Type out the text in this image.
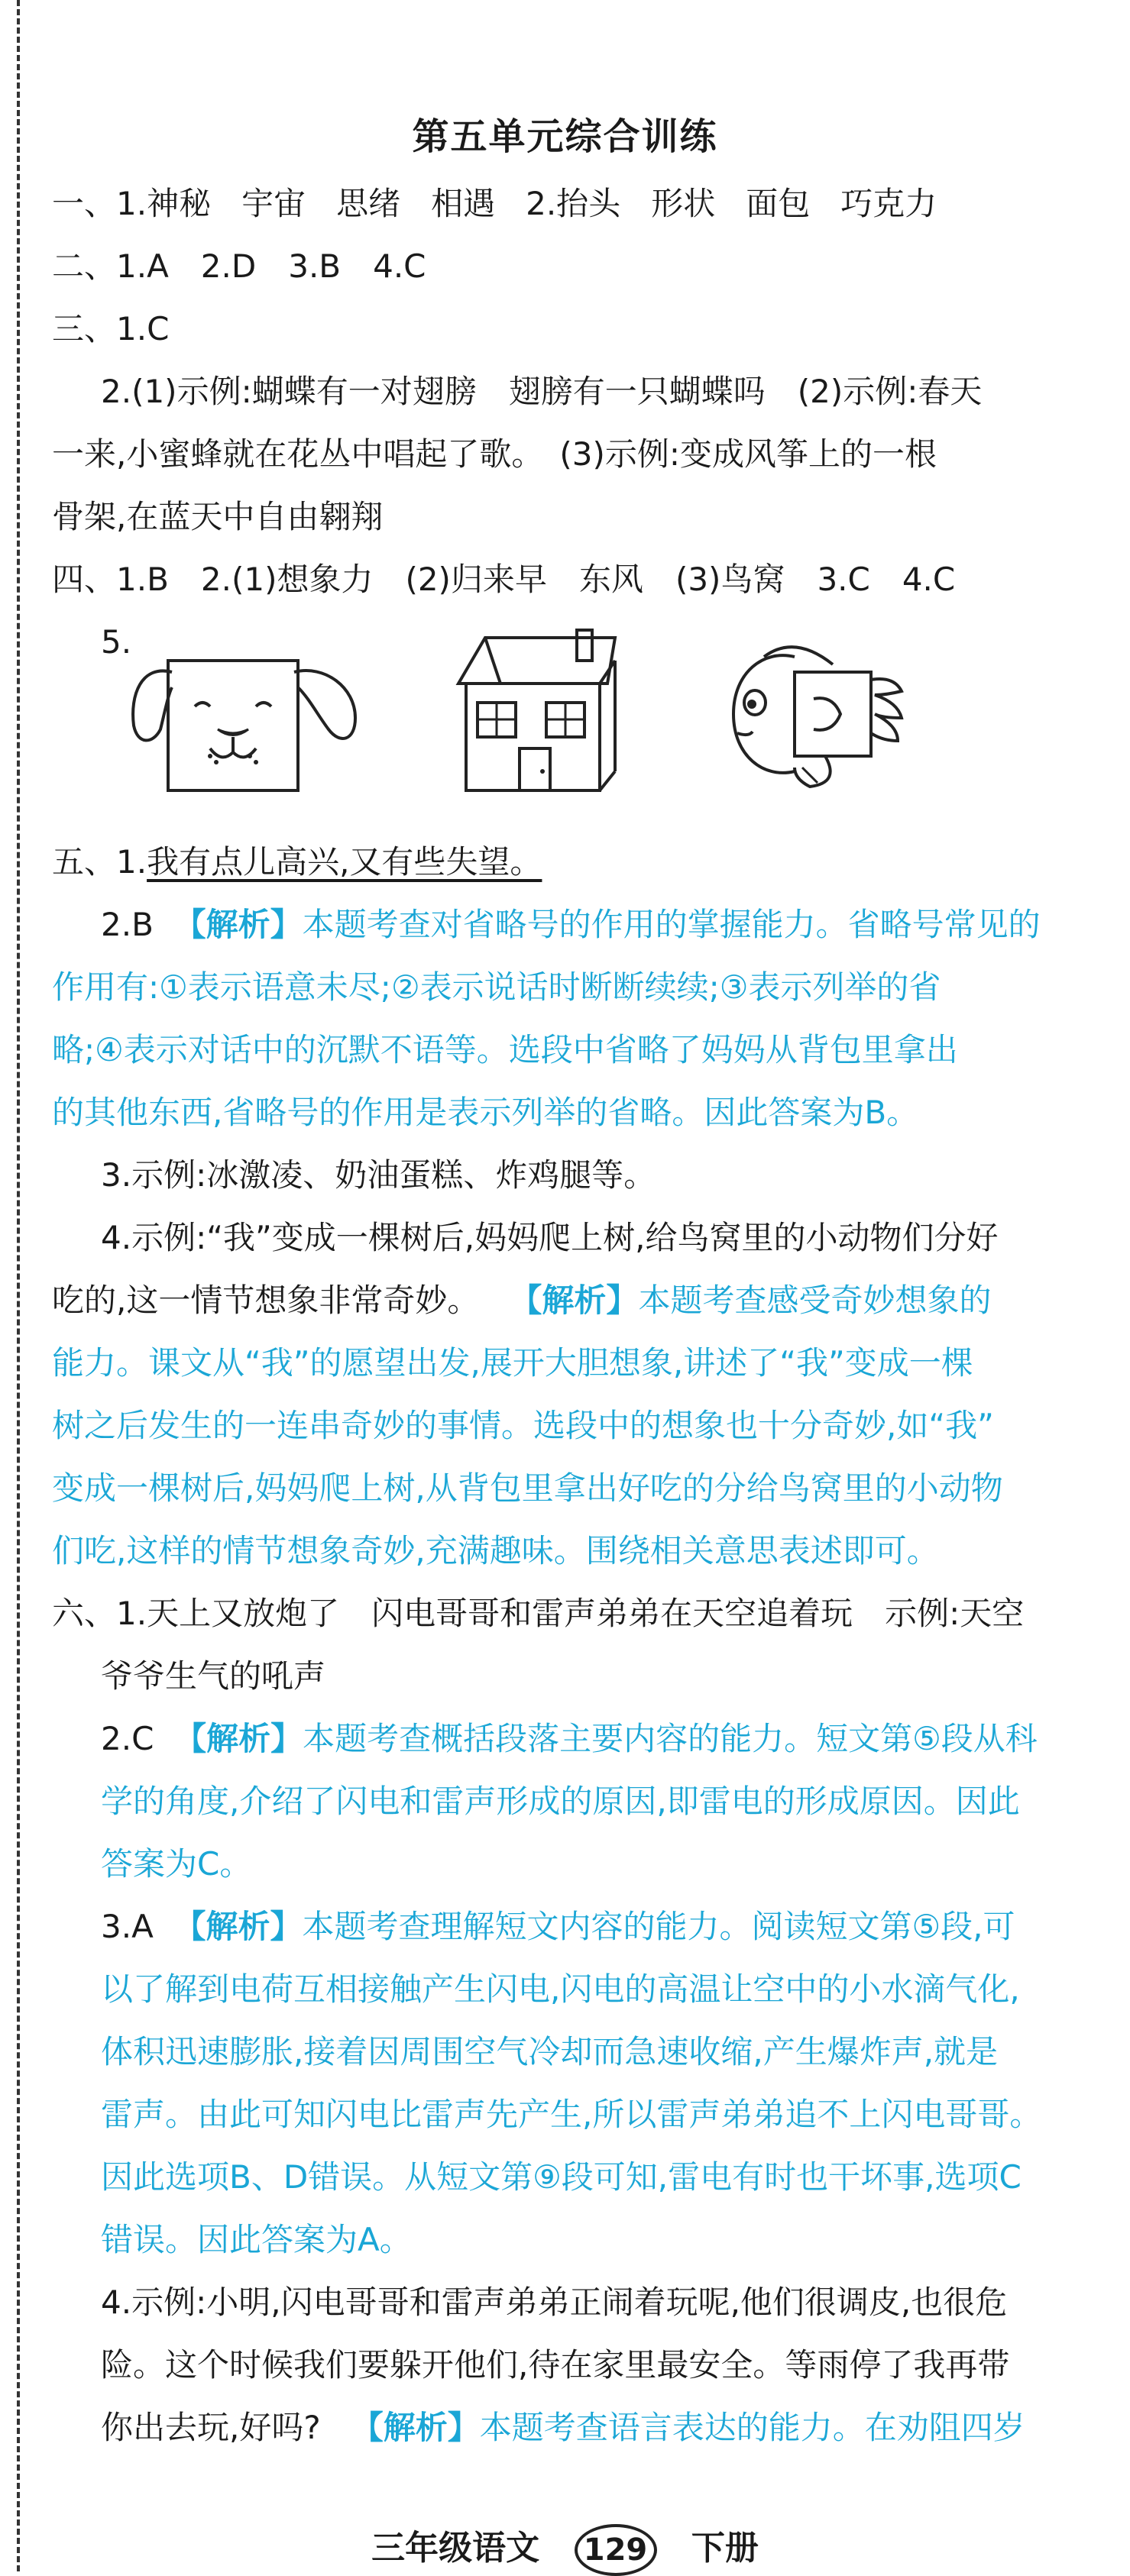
第五单元综合训练
一、1.神秘 宇宙 思绪 相遇 2.抬头 形状 面包 巧克力
二、1.A　2.D　3.B　4.C
三、1.C
2.(1)示例:蝴蝶有一对翅膀　翅膀有一只蝴蝶吗　(2)示例:春天
一来,小蜜蜂就在花丛中唱起了歌。　(3)示例:变成风筝上的一根
骨架,在蓝天中自由翱翔
四、1.B　2.(1)想象力　(2)归来早　东风　(3)鸟窝　3.C　4.C
5.
五、1.我有点儿高兴,又有些失望。
2.B 【解析】本题考查对省略号的作用的掌握能力。省略号常见的
作用有:①表示语意未尽;②表示说话时断断续续;③表示列举的省
略;④表示对话中的沉默不语等。选段中省略了妈妈从背包里拿出
的其他东西,省略号的作用是表示列举的省略。因此答案为B。
3.示例:冰激凌、奶油蛋糕、炸鸡腿等。
4.示例:“我”变成一棵树后,妈妈爬上树,给鸟窝里的小动物们分好
吃的,这一情节想象非常奇妙。 【解析】本题考查感受奇妙想象的
能力。课文从“我”的愿望出发,展开大胆想象,讲述了“我”变成一棵
树之后发生的一连串奇妙的事情。选段中的想象也十分奇妙,如“我”
变成一棵树后,妈妈爬上树,从背包里拿出好吃的分给鸟窝里的小动物
们吃,这样的情节想象奇妙,充满趣味。围绕相关意思表述即可。
六、1.天上又放炮了　闪电哥哥和雷声弟弟在天空追着玩　示例:天空
爷爷生气的吼声
2.C 【解析】本题考查概括段落主要内容的能力。短文第⑤段从科
学的角度,介绍了闪电和雷声形成的原因,即雷电的形成原因。因此
答案为C。
3.A 【解析】本题考查理解短文内容的能力。阅读短文第⑤段,可
以了解到电荷互相接触产生闪电,闪电的高温让空中的小水滴气化,
体积迅速膨胀,接着因周围空气冷却而急速收缩,产生爆炸声,就是
雷声。由此可知闪电比雷声先产生,所以雷声弟弟追不上闪电哥哥。
因此选项B、D错误。从短文第⑨段可知,雷电有时也干坏事,选项C
错误。因此答案为A。
4.示例:小明,闪电哥哥和雷声弟弟正闹着玩呢,他们很调皮,也很危
险。这个时候我们要躲开他们,待在家里最安全。等雨停了我再带
你出去玩,好吗? 【解析】本题考查语言表达的能力。在劝阻四岁
三年级语文 129 下册
